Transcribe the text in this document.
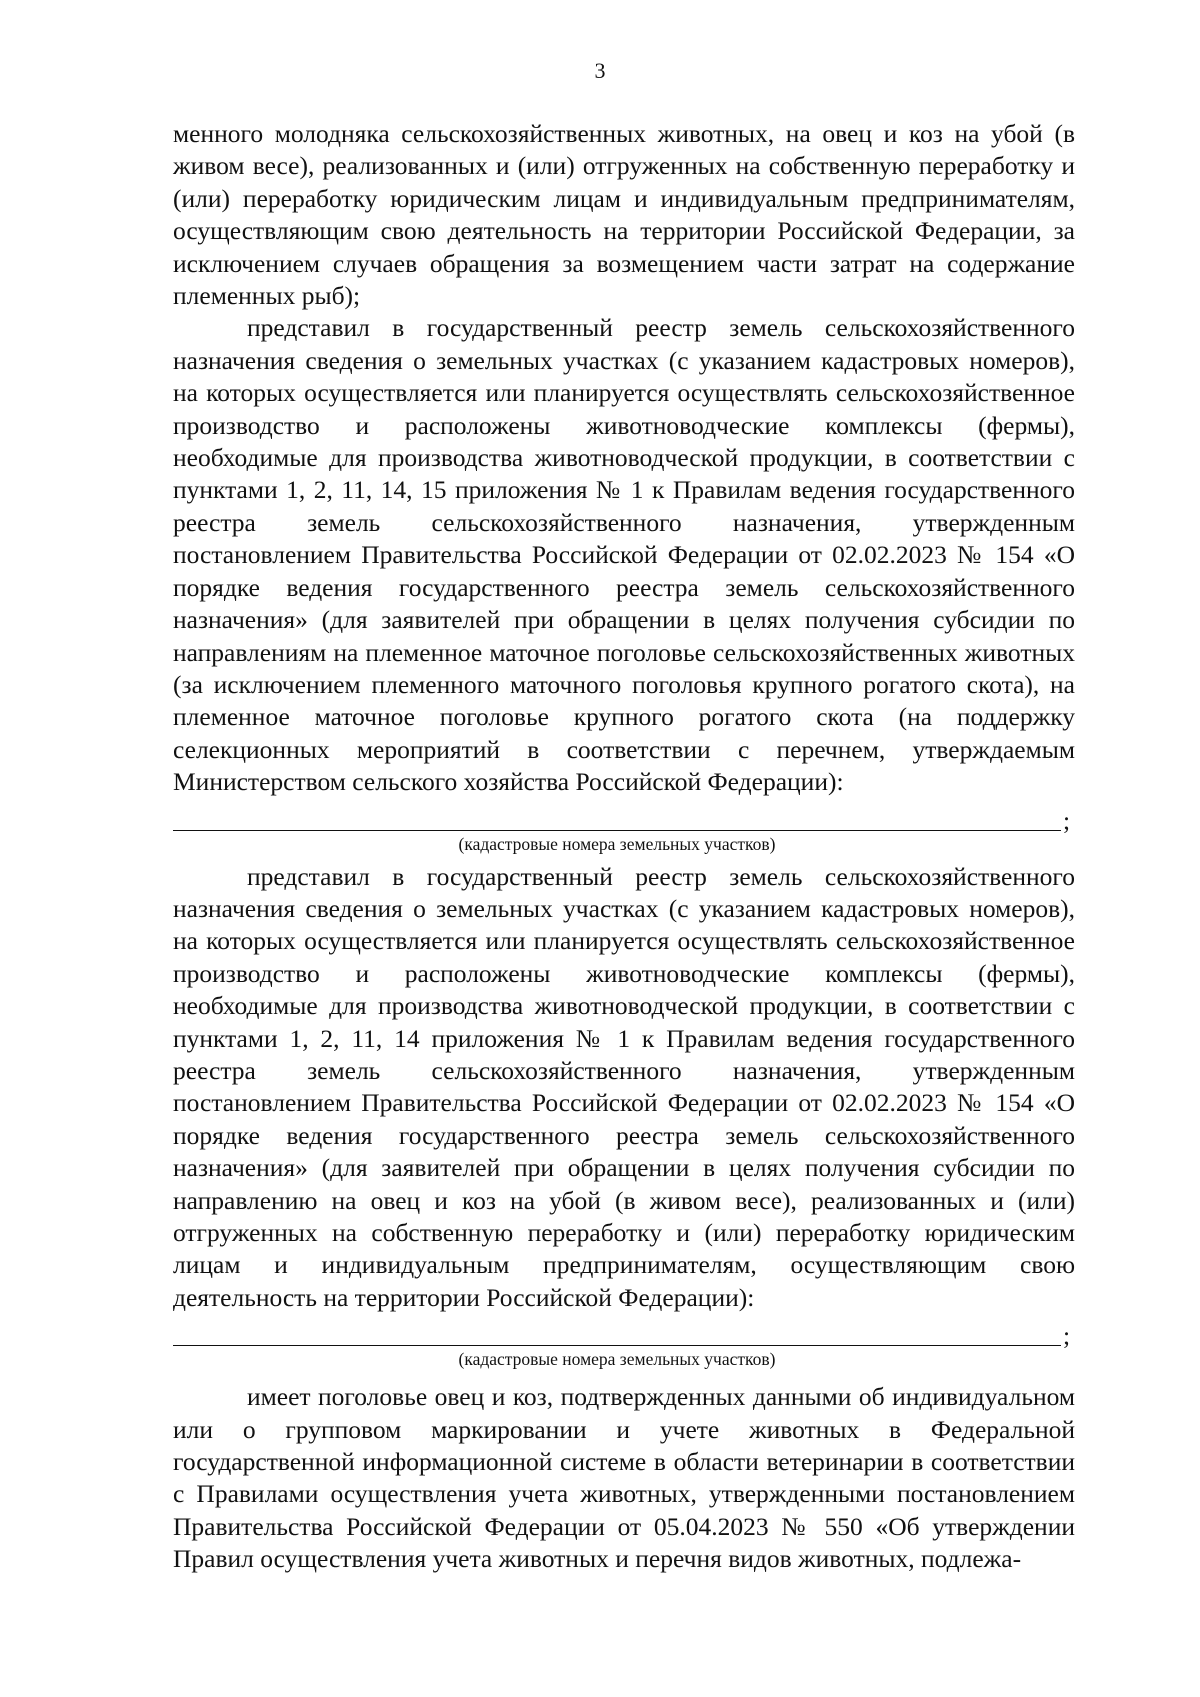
3

менного молодняка сельскохозяйственных животных, на овец и коз на убой (в живом весе), реализованных и (или) отгруженных на собственную переработку и (или) переработку юридическим лицам и индивидуальным предпринимателям, осуществляющим свою деятельность на территории Российской Федерации, за исключением случаев обращения за возмещением части затрат на содержание племенных рыб);

представил в государственный реестр земель сельскохозяйственного назначения сведения о земельных участках (с указанием кадастровых номеров), на которых осуществляется или планируется осуществлять сельскохозяйственное производство и расположены животноводческие комплексы (фермы), необходимые для производства животноводческой продукции, в соответствии с пунктами 1, 2, 11, 14, 15 приложения № 1 к Правилам ведения государственного реестра земель сельскохозяйственного назначения, утвержденным постановлением Правительства Российской Федерации от 02.02.2023 № 154 «О порядке ведения государственного реестра земель сельскохозяйственного назначения» (для заявителей при обращении в целях получения субсидии по направлениям на племенное маточное поголовье сельскохозяйственных животных (за исключением племенного маточного поголовья крупного рогатого скота), на племенное маточное поголовье крупного рогатого скота (на поддержку селекционных мероприятий в соответствии с перечнем, утверждаемым Министерством сельского хозяйства Российской Федерации):

;
(кадастровые номера земельных участков)

представил в государственный реестр земель сельскохозяйственного назначения сведения о земельных участках (с указанием кадастровых номеров), на которых осуществляется или планируется осуществлять сельскохозяйственное производство и расположены животноводческие комплексы (фермы), необходимые для производства животноводческой продукции, в соответствии с пунктами 1, 2, 11, 14 приложения № 1 к Правилам ведения государственного реестра земель сельскохозяйственного назначения, утвержденным постановлением Правительства Российской Федерации от 02.02.2023 № 154 «О порядке ведения государственного реестра земель сельскохозяйственного назначения» (для заявителей при обращении в целях получения субсидии по направлению на овец и коз на убой (в живом весе), реализованных и (или) отгруженных на собственную переработку и (или) переработку юридическим лицам и индивидуальным предпринимателям, осуществляющим свою деятельность на территории Российской Федерации):

;
(кадастровые номера земельных участков)

имеет поголовье овец и коз, подтвержденных данными об индивидуальном или о групповом маркировании и учете животных в Федеральной государственной информационной системе в области ветеринарии в соответствии с Правилами осуществления учета животных, утвержденными постановлением Правительства Российской Федерации от 05.04.2023 № 550 «Об утверждении Правил осуществления учета животных и перечня видов животных, подлежа-
